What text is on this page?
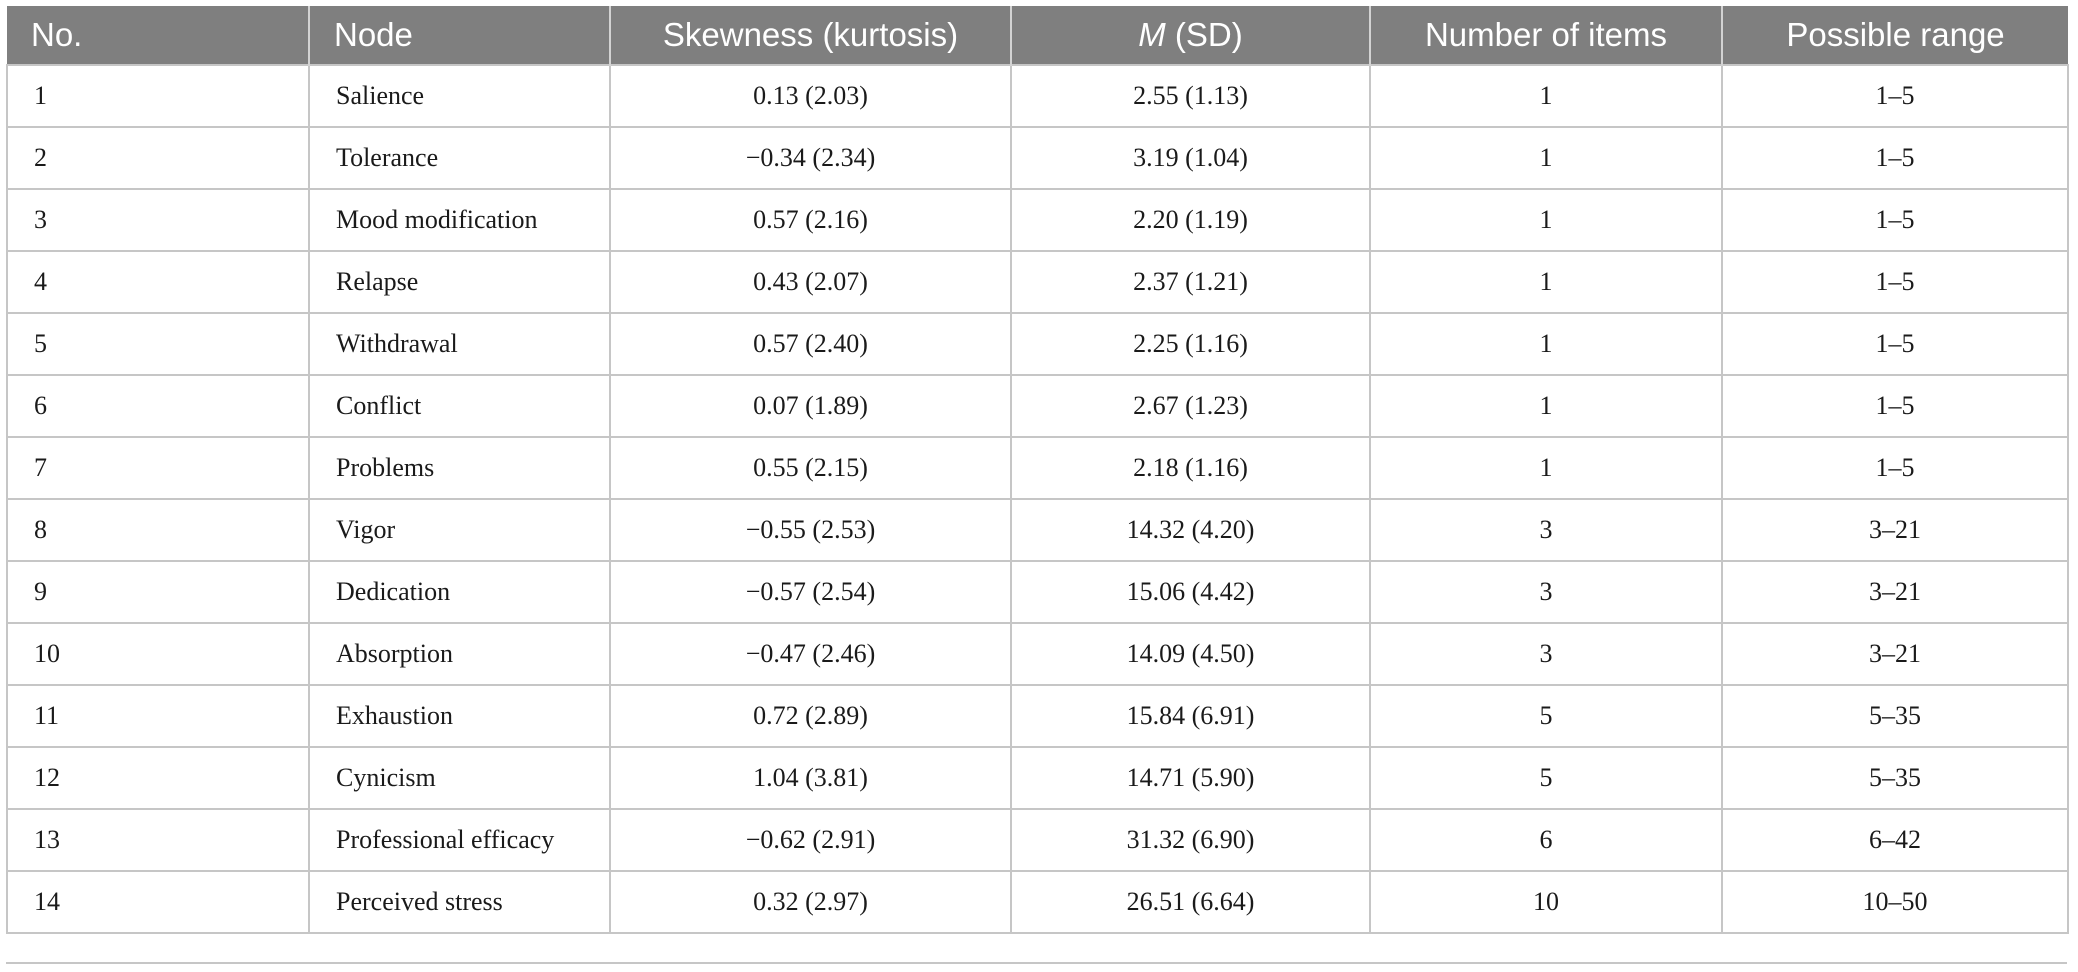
No.	Node	Skewness (kurtosis)	M (SD)	Number of items	Possible range
1	Salience	0.13 (2.03)	2.55 (1.13)	1	1–5
2	Tolerance	−0.34 (2.34)	3.19 (1.04)	1	1–5
3	Mood modification	0.57 (2.16)	2.20 (1.19)	1	1–5
4	Relapse	0.43 (2.07)	2.37 (1.21)	1	1–5
5	Withdrawal	0.57 (2.40)	2.25 (1.16)	1	1–5
6	Conflict	0.07 (1.89)	2.67 (1.23)	1	1–5
7	Problems	0.55 (2.15)	2.18 (1.16)	1	1–5
8	Vigor	−0.55 (2.53)	14.32 (4.20)	3	3–21
9	Dedication	−0.57 (2.54)	15.06 (4.42)	3	3–21
10	Absorption	−0.47 (2.46)	14.09 (4.50)	3	3–21
11	Exhaustion	0.72 (2.89)	15.84 (6.91)	5	5–35
12	Cynicism	1.04 (3.81)	14.71 (5.90)	5	5–35
13	Professional efficacy	−0.62 (2.91)	31.32 (6.90)	6	6–42
14	Perceived stress	0.32 (2.97)	26.51 (6.64)	10	10–50
